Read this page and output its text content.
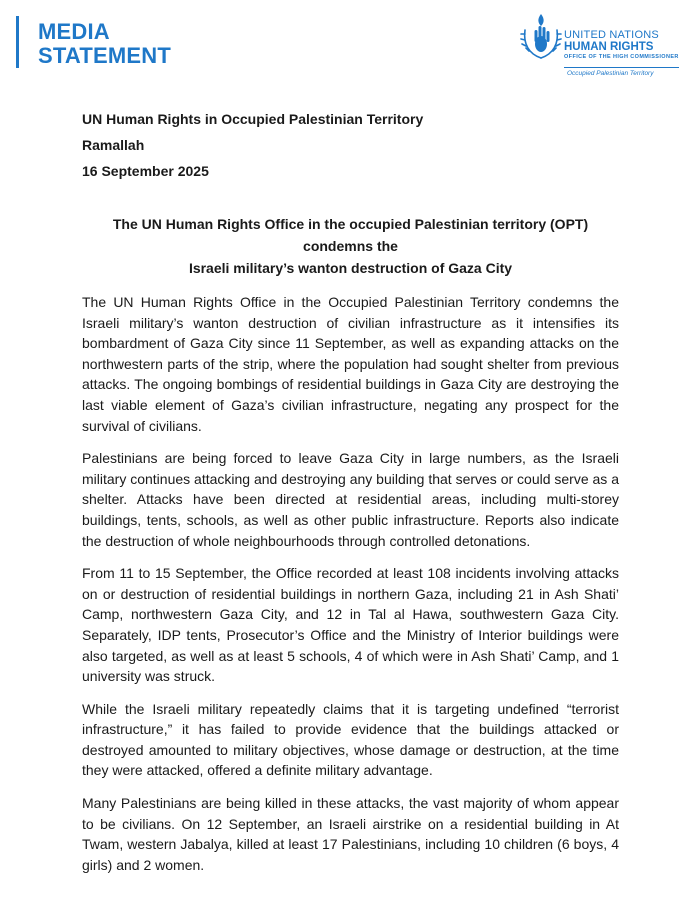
MEDIA
STATEMENT
UNITED NATIONS
HUMAN RIGHTS
OFFICE OF THE HIGH COMMISSIONER
Occupied Palestinian Territory
UN Human Rights in Occupied Palestinian Territory
Ramallah
16 September 2025
The UN Human Rights Office in the occupied Palestinian territory (OPT) condemns the
Israeli military’s wanton destruction of Gaza City

The UN Human Rights Office in the Occupied Palestinian Territory condemns the Israeli military’s wanton destruction of civilian infrastructure as it intensifies its bombardment of Gaza City since 11 September, as well as expanding attacks on the northwestern parts of the strip, where the population had sought shelter from previous attacks. The ongoing bombings of residential buildings in Gaza City are destroying the last viable element of Gaza’s civilian infrastructure, negating any prospect for the survival of civilians.

Palestinians are being forced to leave Gaza City in large numbers, as the Israeli military continues attacking and destroying any building that serves or could serve as a shelter. Attacks have been directed at residential areas, including multi-storey buildings, tents, schools, as well as other public infrastructure. Reports also indicate the destruction of whole neighbourhoods through controlled detonations.

From 11 to 15 September, the Office recorded at least 108 incidents involving attacks on or destruction of residential buildings in northern Gaza, including 21 in Ash Shati’ Camp, northwestern Gaza City, and 12 in Tal al Hawa, southwestern Gaza City. Separately, IDP tents, Prosecutor’s Office and the Ministry of Interior buildings were also targeted, as well as at least 5 schools, 4 of which were in Ash Shati’ Camp, and 1 university was struck.

While the Israeli military repeatedly claims that it is targeting undefined “terrorist infrastructure,” it has failed to provide evidence that the buildings attacked or destroyed amounted to military objectives, whose damage or destruction, at the time they were attacked, offered a definite military advantage.

Many Palestinians are being killed in these attacks, the vast majority of whom appear to be civilians. On 12 September, an Israeli airstrike on a residential building in At Twam, western Jabalya, killed at least 17 Palestinians, including 10 children (6 boys, 4 girls) and 2 women.
